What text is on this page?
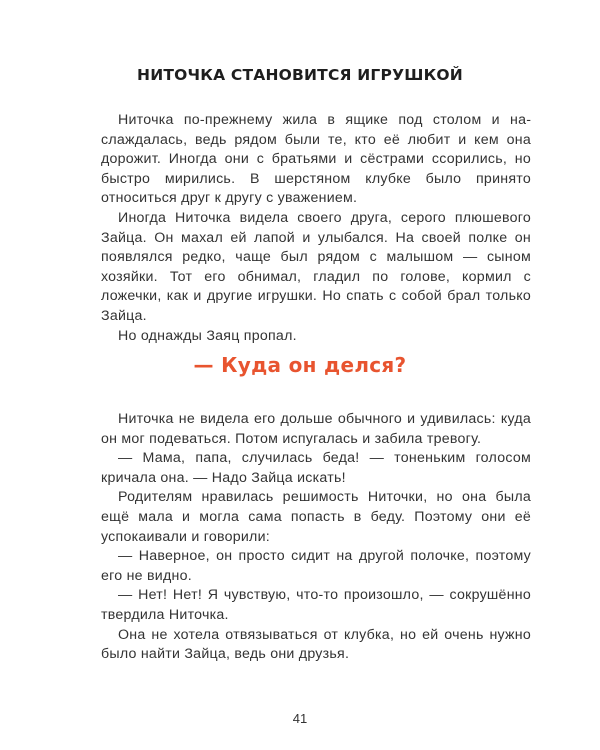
НИТОЧКА СТАНОВИТСЯ ИГРУШКОЙ

Ниточка по-прежнему жила в ящике под столом и наслаждалась, ведь рядом были те, кто её любит и кем она дорожит. Иногда они с братьями и сёстрами ссорились, но быстро мирились. В шерстяном клубке было принято относиться друг к другу с уважением.

Иногда Ниточка видела своего друга, серого плюшевого Зайца. Он махал ей лапой и улыбался. На своей полке он появлялся редко, чаще был рядом с малышом — сыном хозяйки. Тот его обнимал, гладил по голове, кормил с ложечки, как и другие игрушки. Но спать с собой брал только Зайца.

Но однажды Заяц пропал.

— Куда он делся?

Ниточка не видела его дольше обычного и удивилась: куда он мог подеваться. Потом испугалась и забила тревогу.

— Мама, папа, случилась беда! — тоненьким голосом кричала она. — Надо Зайца искать!

Родителям нравилась решимость Ниточки, но она была ещё мала и могла сама попасть в беду. Поэтому они её успокаивали и говорили:

— Наверное, он просто сидит на другой полочке, поэтому его не видно.

— Нет! Нет! Я чувствую, что-то произошло, — сокрушённо твердила Ниточка.

Она не хотела отвязываться от клубка, но ей очень нужно было найти Зайца, ведь они друзья.

41
